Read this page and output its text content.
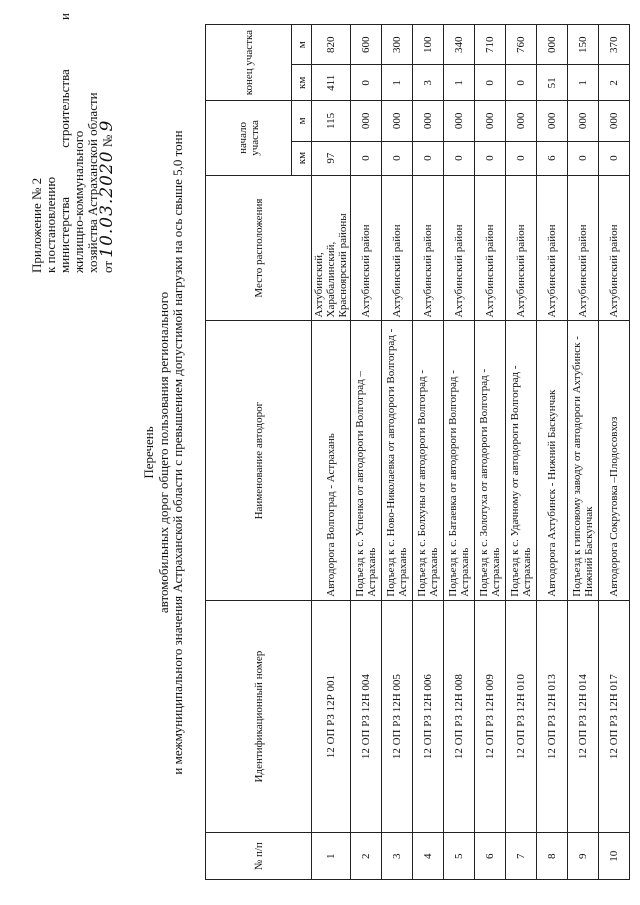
Приложение № 2 к постановлению министерства строительства и жилищно-коммунального хозяйства Астраханской области от 10.03.2020 № 9
Перечень автомобильных дорог общего пользования регионального и межмуниципального значения Астраханской области с превышением допустимой нагрузки на ось свыше 5,0 тонн
№ п/п	Идентификационный номер	Наименование автодорог	Место расположения	начало участка		конец участка	
				км	м	км	м
1	12 ОП РЗ 12Р 001	Автодорога Волгоград - Астрахань	Ахтубинский, Харабалинский, Красноярский районы	97	115	411	820
2	12 ОП РЗ 12Н 004	Подъезд к с. Успенка от автодороги Волгоград – Астрахань	Ахтубинский район	0	000	0	600
3	12 ОП РЗ 12Н 005	Подъезд к с. Ново-Николаевка от автодороги Волгоград - Астрахань	Ахтубинский район	0	000	1	300
4	12 ОП РЗ 12Н 006	Подъезд к с. Болхуны от автодороги Волгоград - Астрахань	Ахтубинский район	0	000	3	100
5	12 ОП РЗ 12Н 008	Подъезд к с. Батаевка от автодороги Волгоград - Астрахань	Ахтубинский район	0	000	1	340
6	12 ОП РЗ 12Н 009	Подъезд к с. Золотуха от автодороги Волгоград - Астрахань	Ахтубинский район	0	000	0	710
7	12 ОП РЗ 12Н 010	Подъезд к с. Удачному от автодороги Волгоград - Астрахань	Ахтубинский район	0	000	0	760
8	12 ОП РЗ 12Н 013	Автодорога Ахтубинск - Нижний Баскунчак	Ахтубинский район	6	000	51	000
9	12 ОП РЗ 12Н 014	Подъезд к гипсовому заводу от автодороги Ахтубинск - Нижний Баскунчак	Ахтубинский район	0	000	1	150
10	12 ОП РЗ 12Н 017	Автодорога Сокрутовка –Плодосовхоз	Ахтубинский район	0	000	2	370
